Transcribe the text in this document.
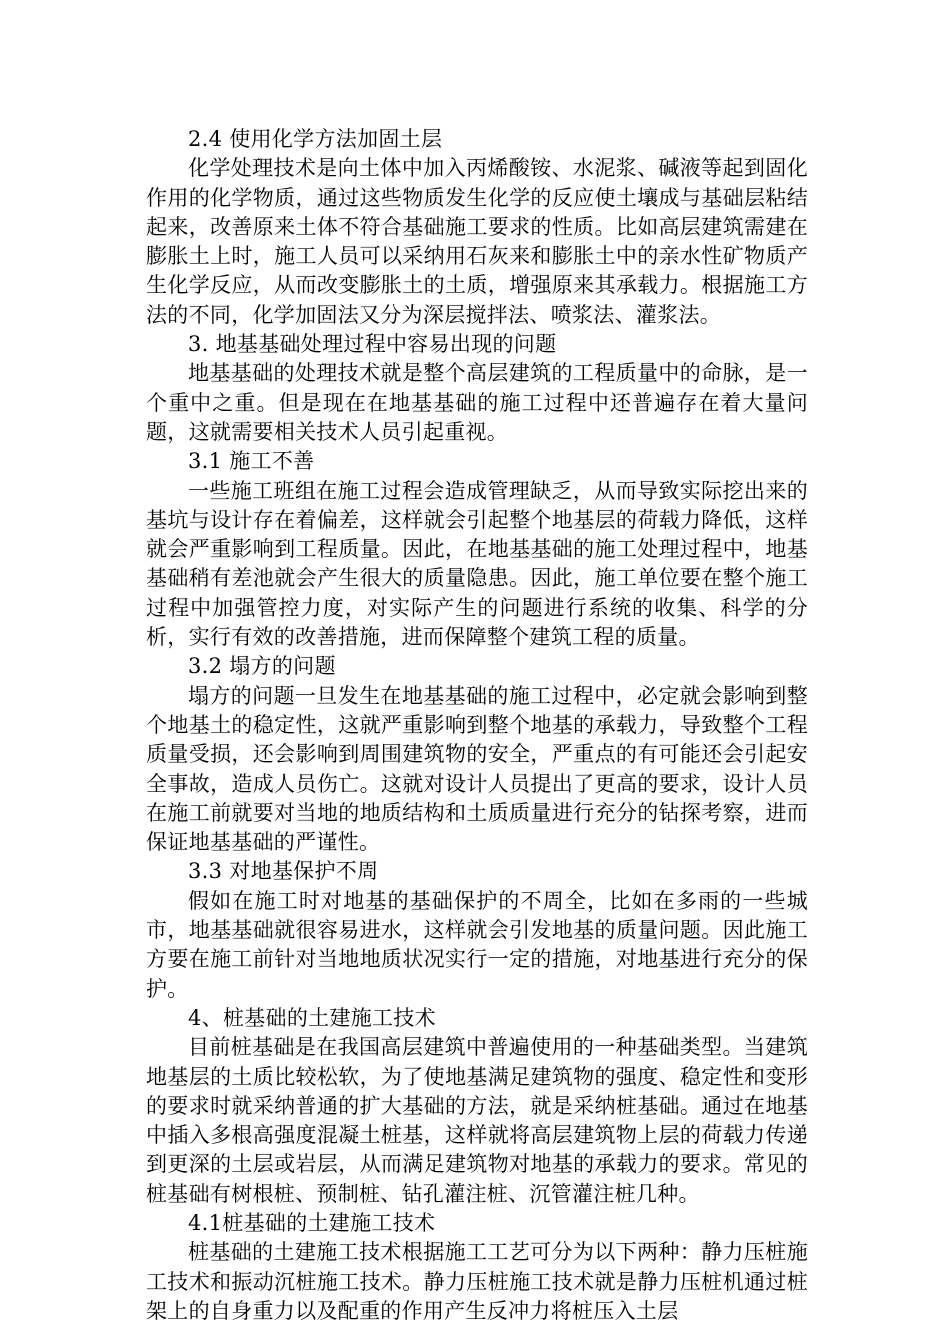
2.4 使用化学方法加固土层

化学处理技术是向土体中加入丙烯酸铵、水泥浆、碱液等起到固化作用的化学物质，通过这些物质发生化学的反应使土壤成与基础层粘结起来，改善原来土体不符合基础施工要求的性质。比如高层建筑需建在膨胀土上时，施工人员可以采纳用石灰来和膨胀土中的亲水性矿物质产生化学反应，从而改变膨胀土的土质，增强原来其承载力。根据施工方法的不同，化学加固法又分为深层搅拌法、喷浆法、灌浆法。

3. 地基基础处理过程中容易出现的问题

地基基础的处理技术就是整个高层建筑的工程质量中的命脉，是一个重中之重。但是现在在地基基础的施工过程中还普遍存在着大量问题，这就需要相关技术人员引起重视。

3.1 施工不善

一些施工班组在施工过程会造成管理缺乏，从而导致实际挖出来的基坑与设计存在着偏差，这样就会引起整个地基层的荷载力降低，这样就会严重影响到工程质量。因此，在地基基础的施工处理过程中，地基基础稍有差池就会产生很大的质量隐患。因此，施工单位要在整个施工过程中加强管控力度，对实际产生的问题进行系统的收集、科学的分析，实行有效的改善措施，进而保障整个建筑工程的质量。

3.2 塌方的问题

塌方的问题一旦发生在地基基础的施工过程中，必定就会影响到整个地基土的稳定性，这就严重影响到整个地基的承载力，导致整个工程质量受损，还会影响到周围建筑物的安全，严重点的有可能还会引起安全事故，造成人员伤亡。这就对设计人员提出了更高的要求，设计人员在施工前就要对当地的地质结构和土质质量进行充分的钻探考察，进而保证地基基础的严谨性。

3.3 对地基保护不周

假如在施工时对地基的基础保护的不周全，比如在多雨的一些城市，地基基础就很容易进水，这样就会引发地基的质量问题。因此施工方要在施工前针对当地地质状况实行一定的措施，对地基进行充分的保护。

4、桩基础的土建施工技术

目前桩基础是在我国高层建筑中普遍使用的一种基础类型。当建筑地基层的土质比较松软，为了使地基满足建筑物的强度、稳定性和变形的要求时就采纳普通的扩大基础的方法，就是采纳桩基础。通过在地基中插入多根高强度混凝土桩基，这样就将高层建筑物上层的荷载力传递到更深的土层或岩层，从而满足建筑物对地基的承载力的要求。常见的桩基础有树根桩、预制桩、钻孔灌注桩、沉管灌注桩几种。

4.1桩基础的土建施工技术

桩基础的土建施工技术根据施工工艺可分为以下两种：静力压桩施工技术和振动沉桩施工技术。静力压桩施工技术就是静力压桩机通过桩架上的自身重力以及配重的作用产生反冲力将桩压入土层
